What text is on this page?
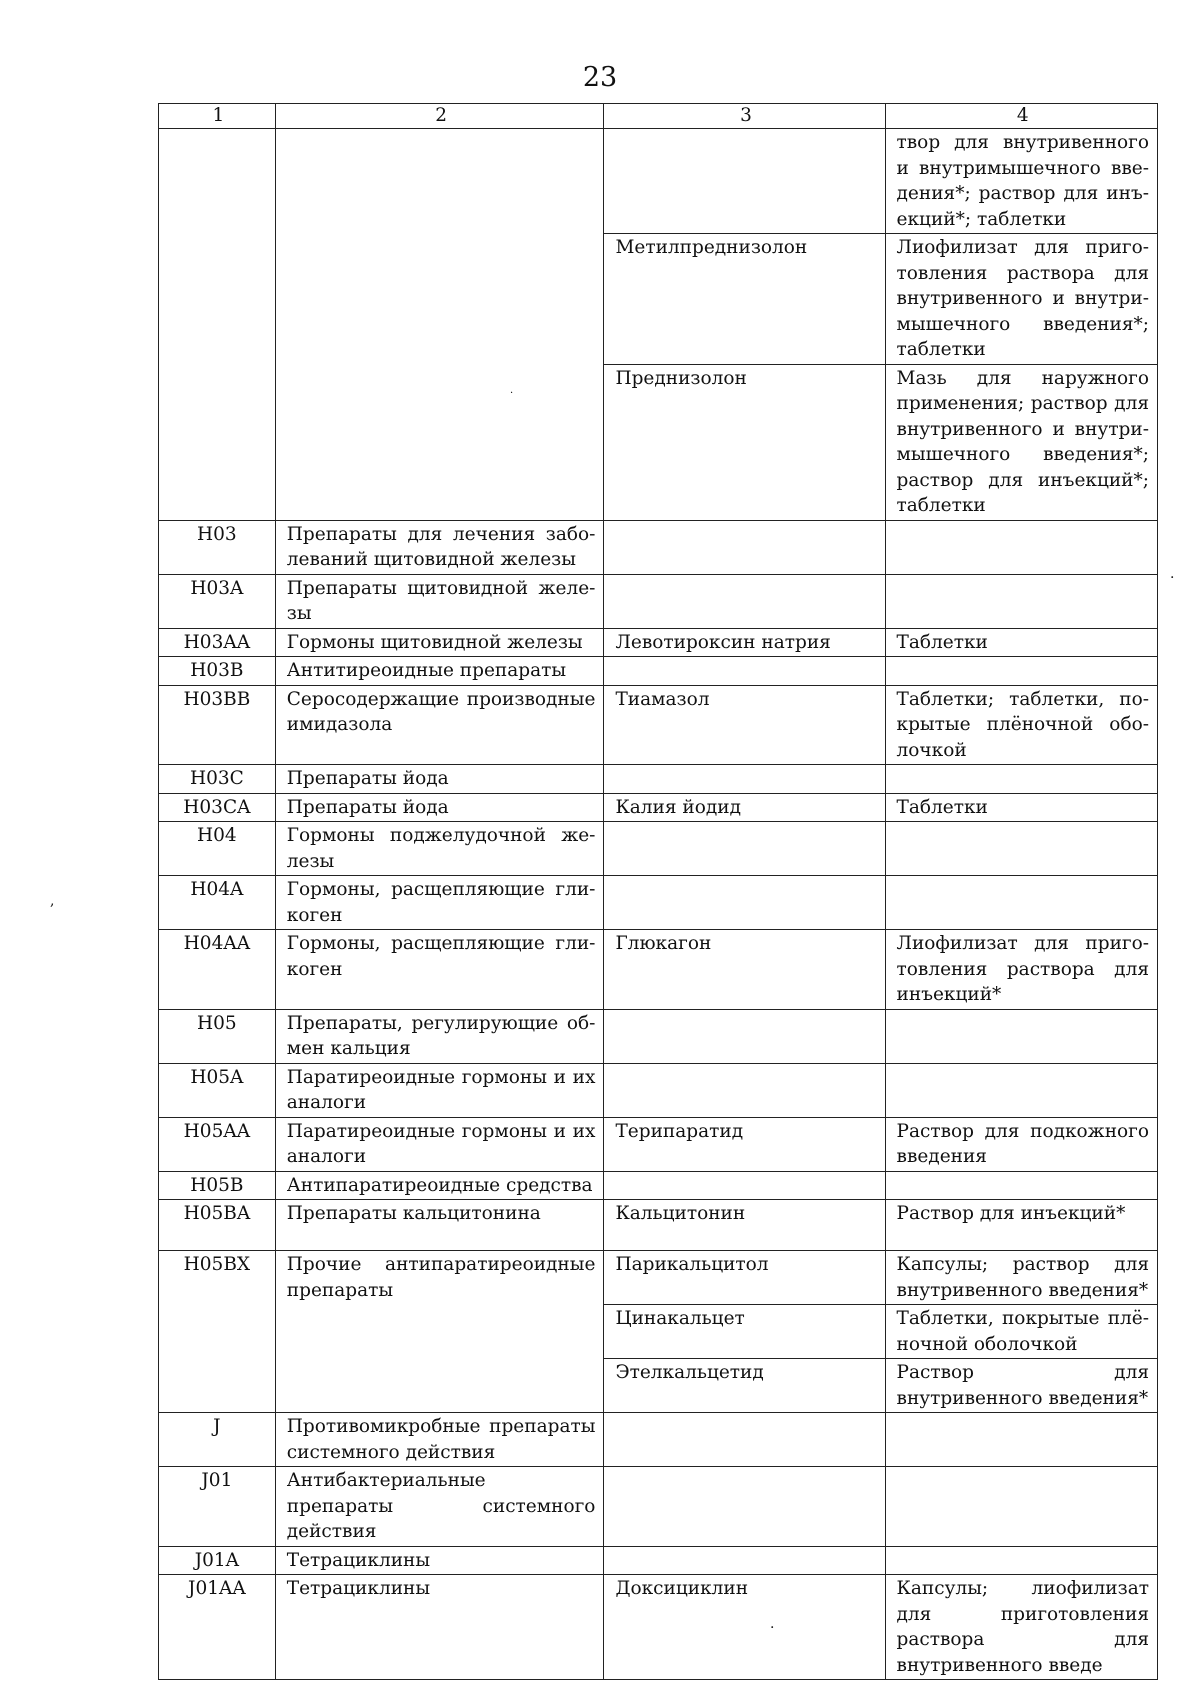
23
1	2	3	4
			твор для внутривенного и внутримышечного введения*; раствор для инъекций*; таблетки
		Метилпреднизолон	Лиофилизат для приготовления раствора для внутривенного и внутримышечного введения*; таблетки
		Преднизолон	Мазь для наружного применения; раствор для внутривенного и внутримышечного введения*; раствор для инъекций*; таблетки
H03	Препараты для лечения заболеваний щитовидной железы		
H03A	Препараты щитовидной железы		
H03AA	Гормоны щитовидной железы	Левотироксин натрия	Таблетки
H03B	Антитиреоидные препараты		
H03BB	Серосодержащие производные имидазола	Тиамазол	Таблетки; таблетки, покрытые плёночной оболочкой
H03C	Препараты йода		
H03CA	Препараты йода	Калия йодид	Таблетки
H04	Гормоны поджелудочной железы		
H04A	Гормоны, расщепляющие гликоген		
H04AA	Гормоны, расщепляющие гликоген	Глюкагон	Лиофилизат для приготовления раствора для инъекций*
H05	Препараты, регулирующие обмен кальция		
H05A	Паратиреоидные гормоны и их аналоги		
H05AA	Паратиреоидные гормоны и их аналоги	Терипаратид	Раствор для подкожного введения
H05B	Антипаратиреоидные средства		
H05BA	Препараты кальцитонина	Кальцитонин	Раствор для инъекций*
H05BX	Прочие антипаратиреоидные препараты	Парикальцитол	Капсулы; раствор для внутривенного введения*
		Цинакальцет	Таблетки, покрытые плёночной оболочкой
		Этелкальцетид	Раствор для внутривенного введения*
J	Противомикробные препараты системного действия		
J01	Антибактериальные препараты системного действия		
J01A	Тетрациклины		
J01AA	Тетрациклины	Доксициклин	Капсулы; лиофилизат для приготовления раствора для внутривенного введе
·
,
·
·
